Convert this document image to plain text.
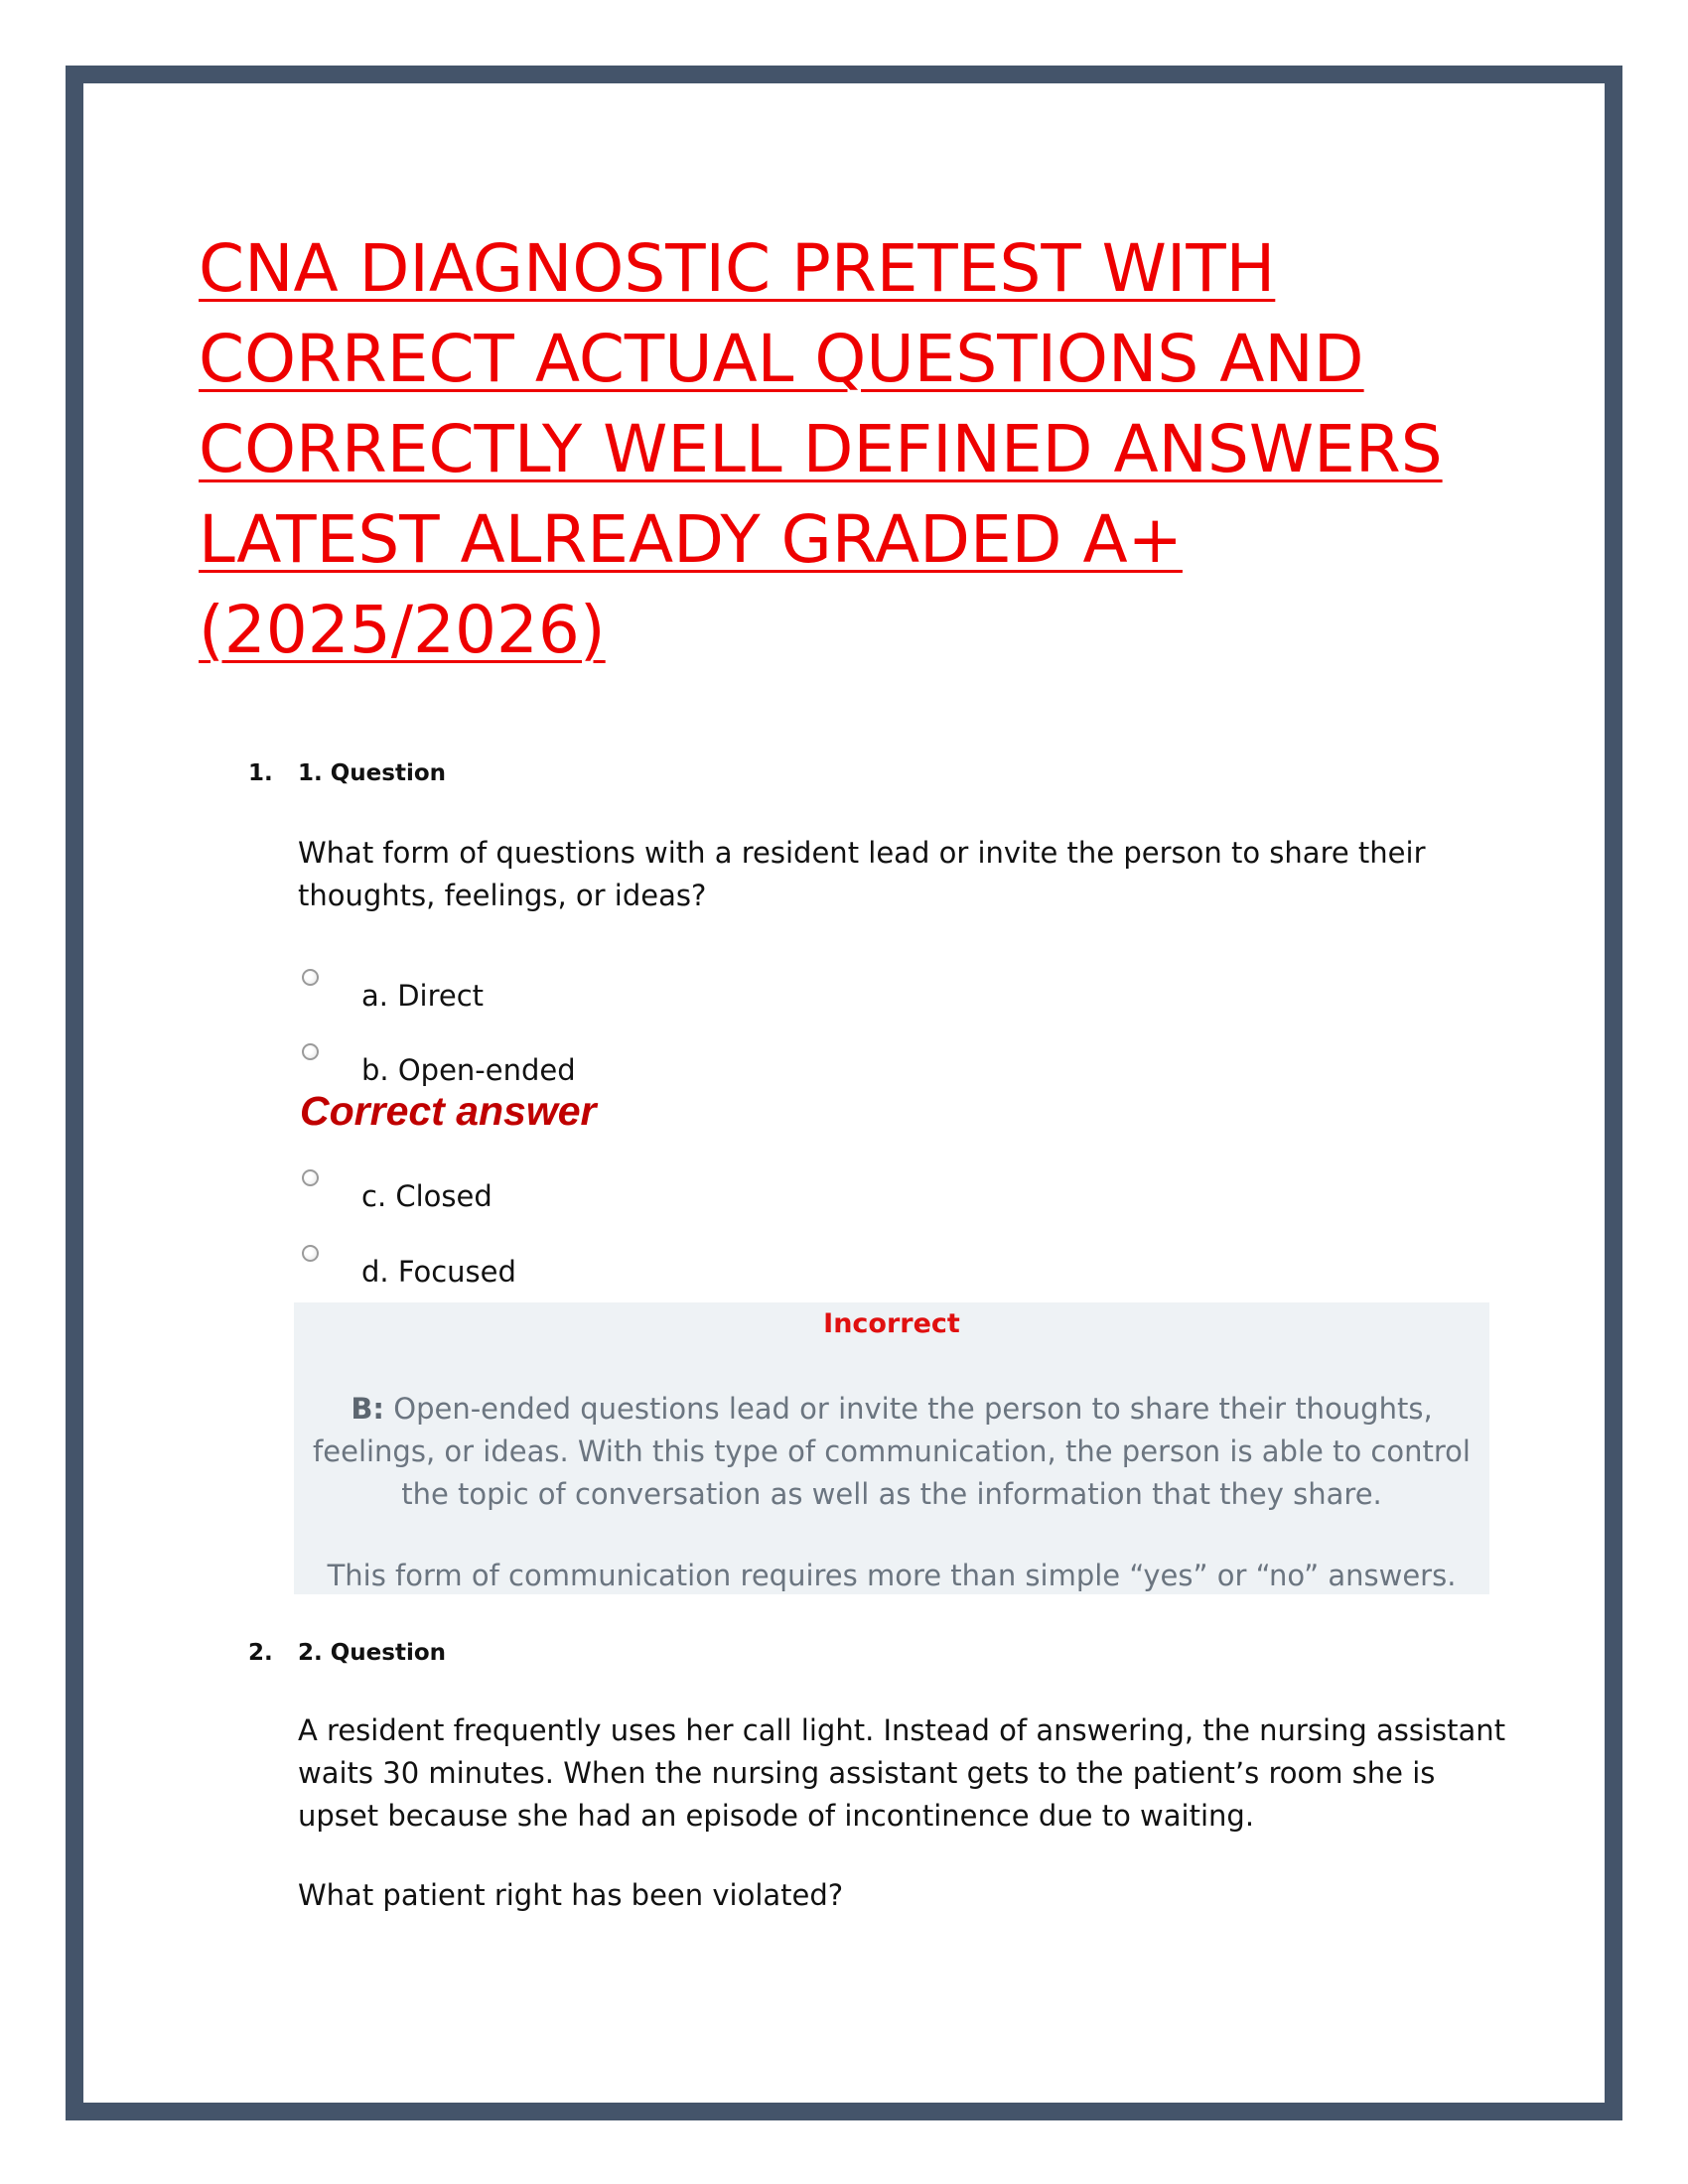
CNA DIAGNOSTIC PRETEST WITH CORRECT ACTUAL QUESTIONS AND CORRECTLY WELL DEFINED ANSWERS LATEST ALREADY GRADED A+ (2025/2026)
1. 1. Question

What form of questions with a resident lead or invite the person to share their thoughts, feelings, or ideas?

a. Direct
b. Open-ended
Correct answer
c. Closed
d. Focused
Incorrect

B: Open-ended questions lead or invite the person to share their thoughts, feelings, or ideas. With this type of communication, the person is able to control the topic of conversation as well as the information that they share.

This form of communication requires more than simple “yes” or “no” answers.

2. 2. Question

A resident frequently uses her call light. Instead of answering, the nursing assistant waits 30 minutes. When the nursing assistant gets to the patient’s room she is upset because she had an episode of incontinence due to waiting.

What patient right has been violated?
